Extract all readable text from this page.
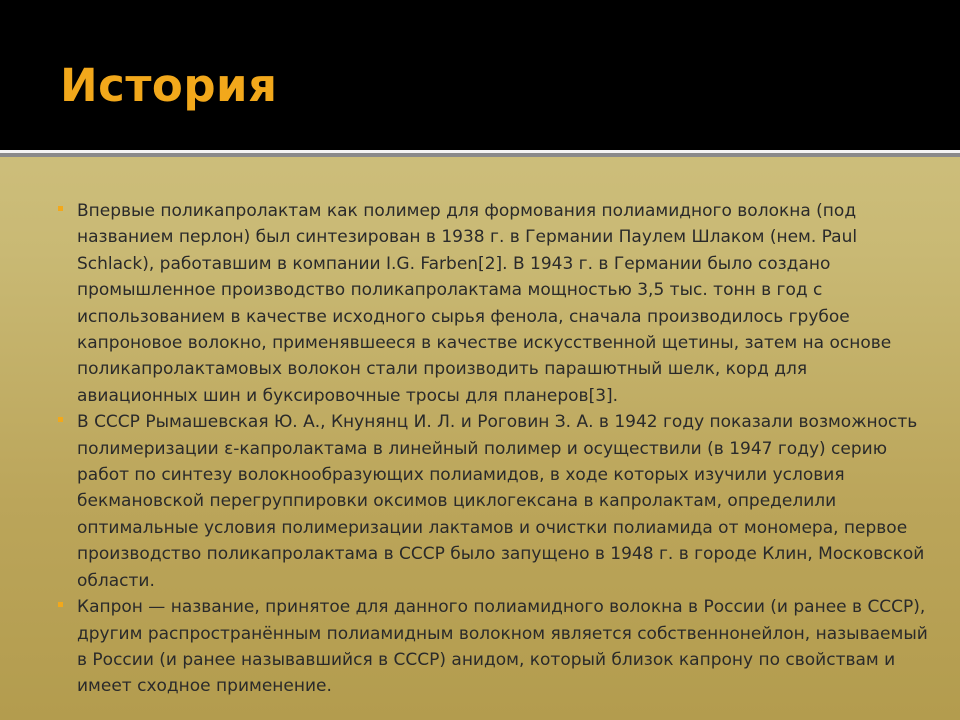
История

Впервые поликапролактам как полимер для формования полиамидного волокна (под названием перлон) был синтезирован в 1938 г. в Германии Паулем Шлаком (нем. Paul Schlack), работавшим в компании I.G. Farben[2]. В 1943 г. в Германии было создано промышленное производство поликапролактама мощностью 3,5 тыс. тонн в год с использованием в качестве исходного сырья фенола, сначала производилось грубое капроновое волокно, применявшееся в качестве искусственной щетины, затем на основе поликапролактамовых волокон стали производить парашютный шелк, корд для авиационных шин и буксировочные тросы для планеров[3].

В СССР Рымашевская Ю. А., Кнунянц И. Л. и Роговин З. А. в 1942 году показали возможность полимеризации ε-капролактама в линейный полимер и осуществили (в 1947 году) серию работ по синтезу волокнообразующих полиамидов, в ходе которых изучили условия бекмановской перегруппировки оксимов циклогексана в капролактам, определили оптимальные условия полимеризации лактамов и очистки полиамида от мономера, первое производство поликапролактама в СССР было запущено в 1948 г. в городе Клин, Московской области.

Капрон — название, принятое для данного полиамидного волокна в России (и ранее в СССР), другим распространённым полиамидным волокном является собственнонейлон, называемый в России (и ранее называвшийся в СССР) анидом, который близок капрону по свойствам и имеет сходное применение.
